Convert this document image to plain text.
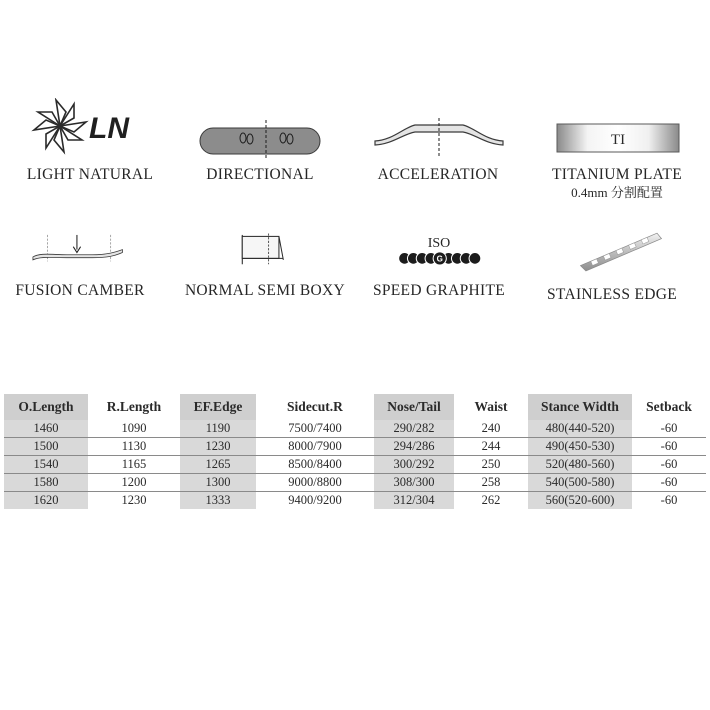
LN
LIGHT NATURAL	DIRECTIONAL	ACCELERATION
TI
TITANIUM PLATE
0.4mm 分割配置
FUSION CAMBER	NORMAL SEMI BOXY
ISO
G
SPEED GRAPHITE	STAINLESS EDGE
O.Length	R.Length	EF.Edge	Sidecut.R	Nose/Tail	Waist	Stance Width	Setback
1460	1090	1190	7500/7400	290/282	240	480(440-520)	-60
1500	1130	1230	8000/7900	294/286	244	490(450-530)	-60
1540	1165	1265	8500/8400	300/292	250	520(480-560)	-60
1580	1200	1300	9000/8800	308/300	258	540(500-580)	-60
1620	1230	1333	9400/9200	312/304	262	560(520-600)	-60
